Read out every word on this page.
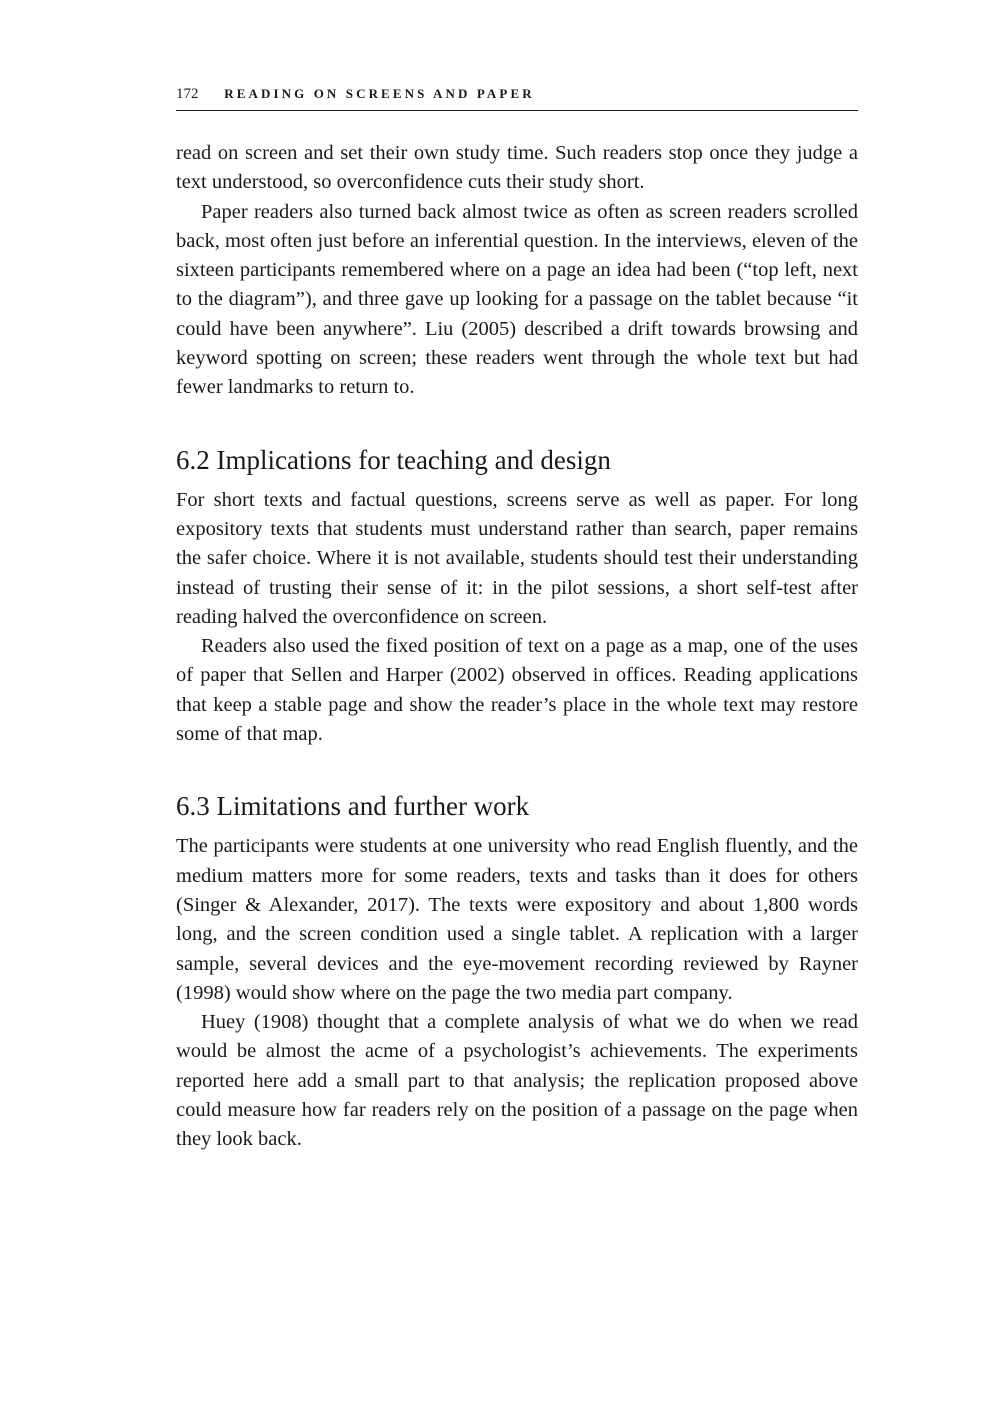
172 READING ON SCREENS AND PAPER

read on screen and set their own study time. Such readers stop once they judge a text understood, so overconfidence cuts their study short.

Paper readers also turned back almost twice as often as screen readers scrolled back, most often just before an inferential question. In the interviews, eleven of the sixteen participants remembered where on a page an idea had been (“top left, next to the diagram”), and three gave up looking for a passage on the tablet because “it could have been anywhere”. Liu (2005) described a drift towards browsing and keyword spotting on screen; these readers went through the whole text but had fewer landmarks to return to.

6.2 Implications for teaching and design

For short texts and factual questions, screens serve as well as paper. For long expository texts that students must understand rather than search, paper remains the safer choice. Where it is not available, students should test their understanding instead of trusting their sense of it: in the pilot sessions, a short self-test after reading halved the overconfidence on screen.

Readers also used the fixed position of text on a page as a map, one of the uses of paper that Sellen and Harper (2002) observed in offices. Reading applications that keep a stable page and show the reader’s place in the whole text may restore some of that map.

6.3 Limitations and further work

The participants were students at one university who read English fluently, and the medium matters more for some readers, texts and tasks than it does for others (Singer & Alexander, 2017). The texts were expository and about 1,800 words long, and the screen condition used a single tablet. A replication with a larger sample, several devices and the eye-movement recording reviewed by Rayner (1998) would show where on the page the two media part company.

Huey (1908) thought that a complete analysis of what we do when we read would be almost the acme of a psychologist’s achievements. The experiments reported here add a small part to that analysis; the replication proposed above could measure how far readers rely on the position of a passage on the page when they look back.
